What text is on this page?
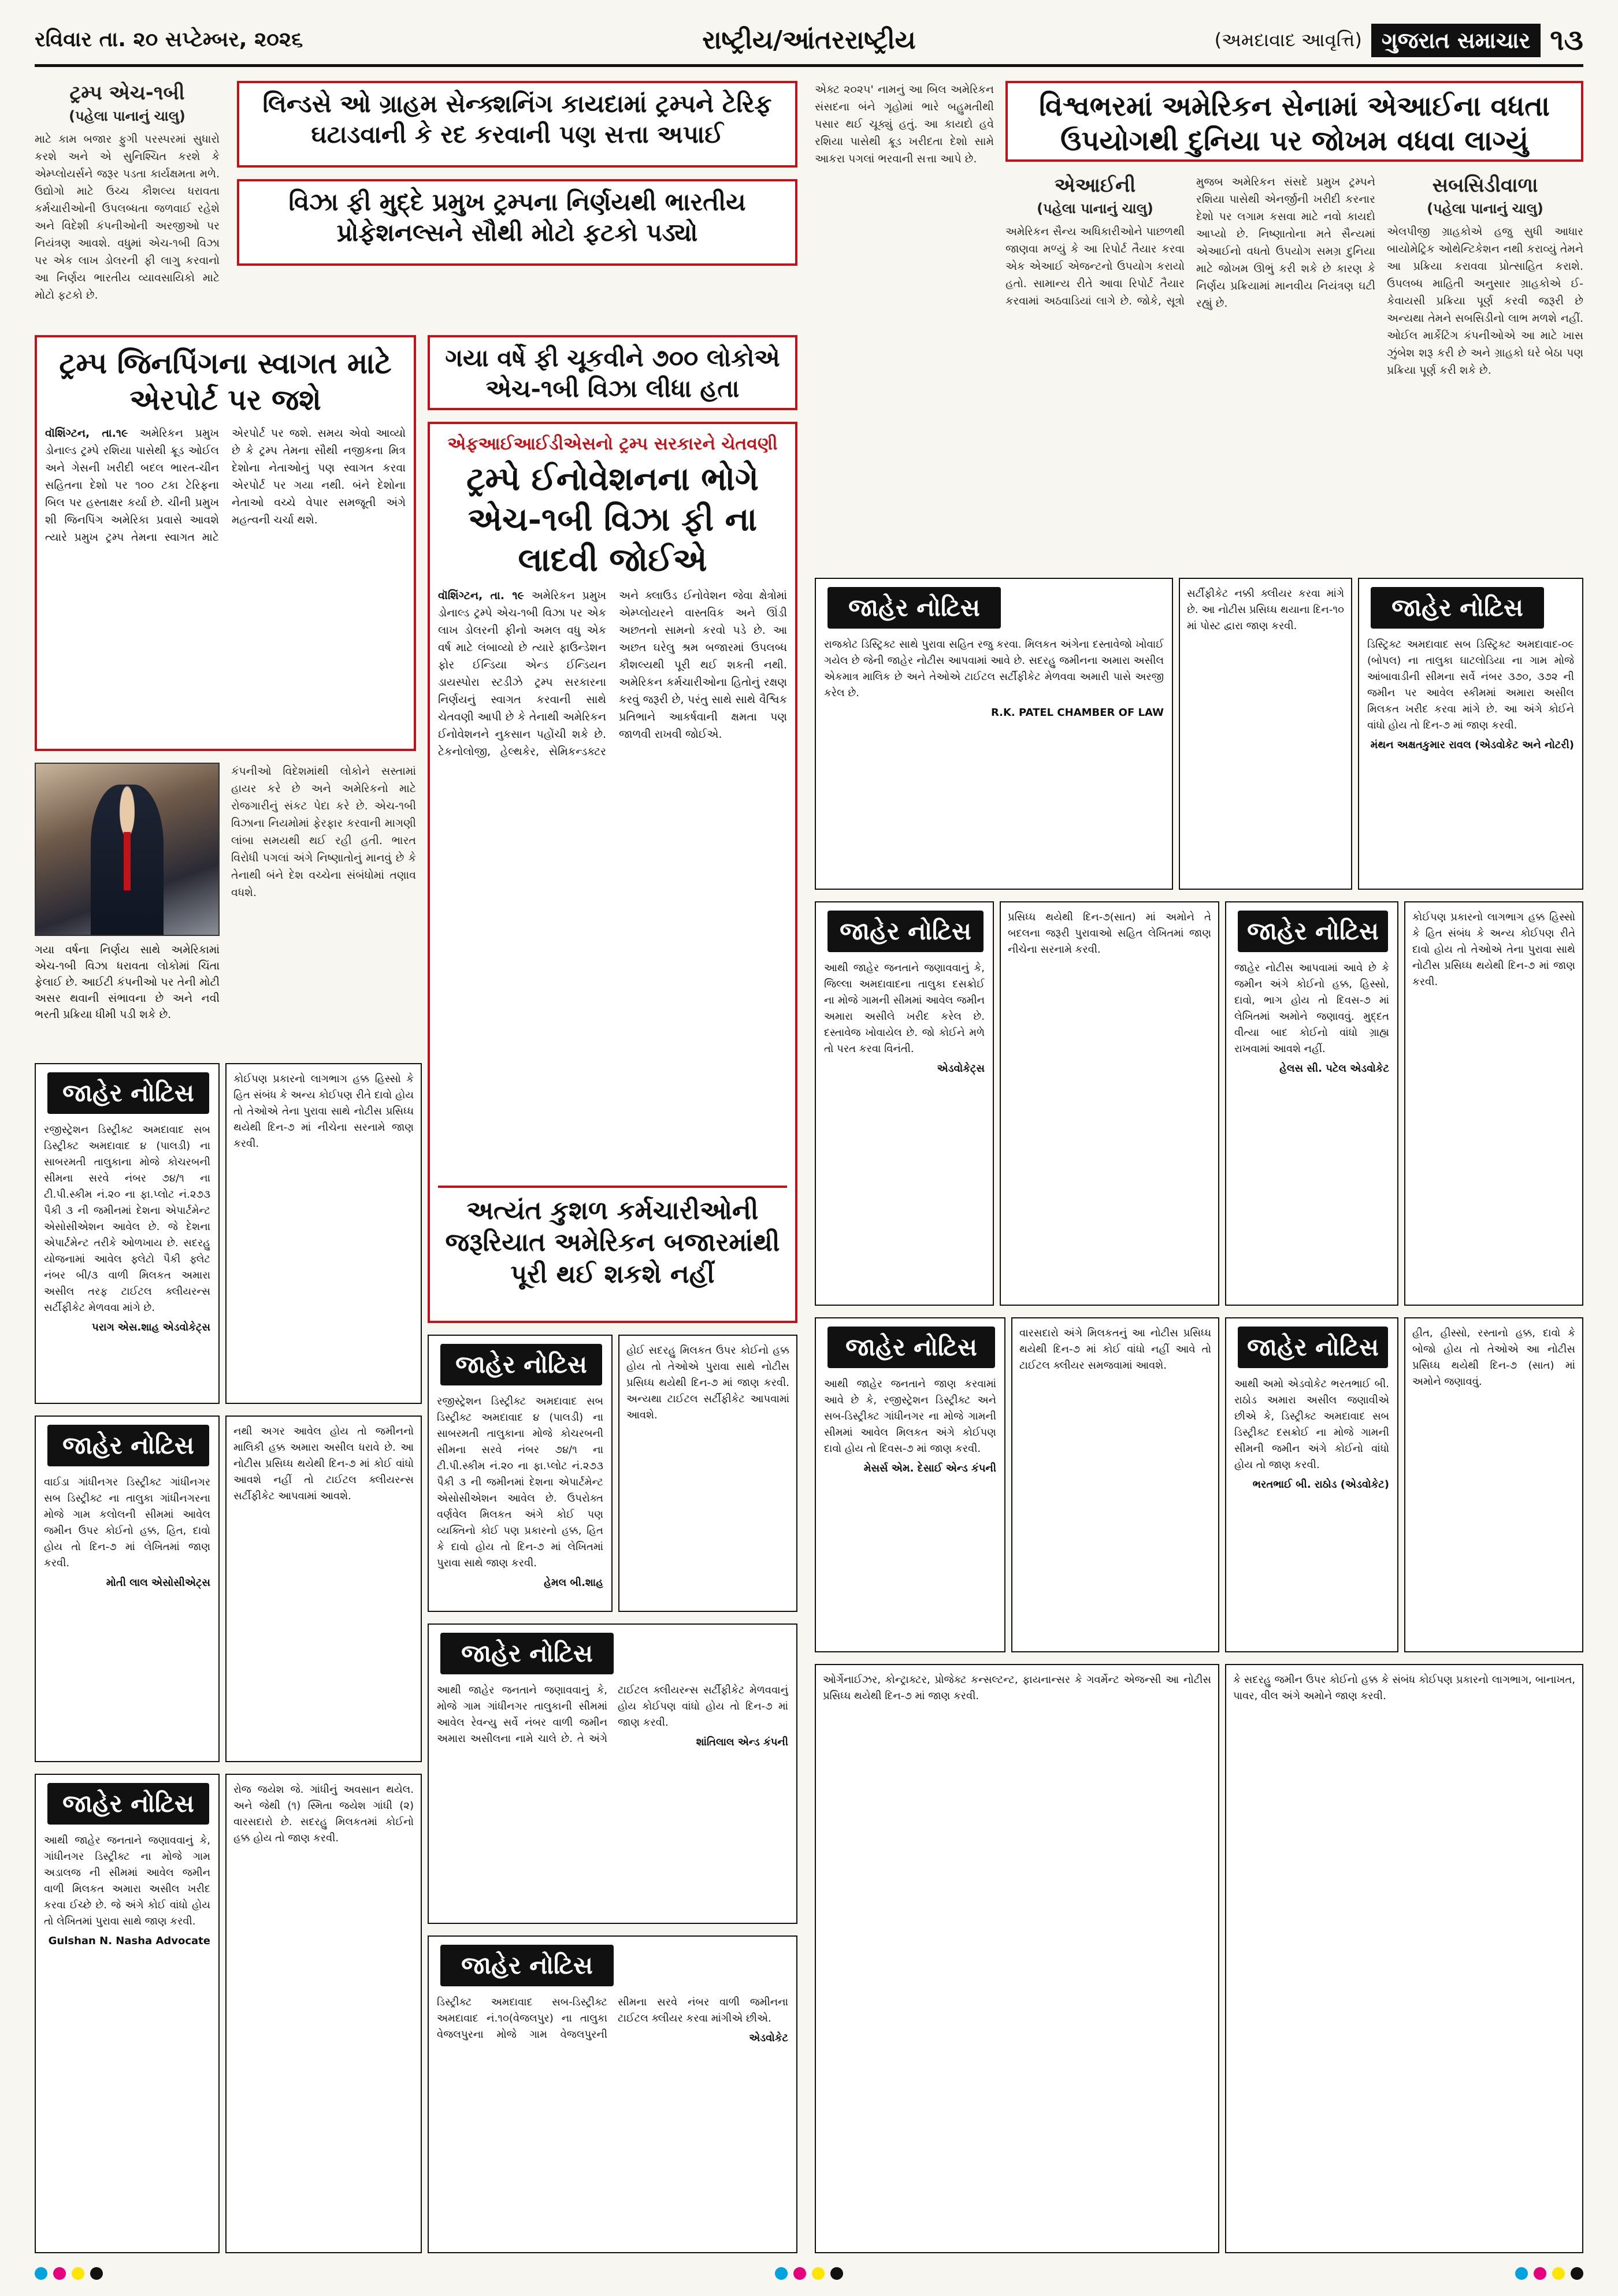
રવિવાર તા. ૨૦ સપ્ટેમ્બર, ૨૦૨૬	રાષ્ટ્રીય/આંતરરાષ્ટ્રીય	(અમદાવાદ આવૃત્તિ) ગુજરાત સમાચાર ૧૩
ટ્રમ્પ એચ-૧બી
(પહેલા પાનાનું ચાલુ)

માટે કામ બજાર ફુગી પરસ્પરમાં સુધારો કરશે અને એ સુનિશ્ચિત કરશે કે એમ્પ્લોયર્સને જરૂર પડતા કાર્યક્ષમતા મળે. ઉદ્યોગો માટે ઉચ્ચ કૌશલ્ય ધરાવતા કર્મચારીઓની ઉપલબ્ધતા જળવાઈ રહેશે અને વિદેશી કંપનીઓની અરજીઓ પર નિયંત્રણ આવશે. વધુમાં એચ-૧બી વિઝા પર એક લાખ ડોલરની ફી લાગુ કરવાનો આ નિર્ણય ભારતીય વ્યાવસાયિકો માટે મોટો ફટકો છે.

લિન્ડસે ઓ ગ્રાહમ સેન્ક્શનિંગ કાયદામાં ટ્રમ્પને ટેરિફ ઘટાડવાની કે રદ કરવાની પણ સત્તા અપાઈ
વિઝા ફી મુદ્દે પ્રમુખ ટ્રમ્પના નિર્ણયથી ભારતીય પ્રોફેશનલ્સને સૌથી મોટો ફટકો પડ્યો
વિશ્વભરમાં અમેરિકન સેનામાં એઆઈના વધતા ઉપયોગથી દુનિયા પર જોખમ વધવા લાગ્યું
ટ્રમ્પ જિનપિંગના સ્વાગત માટે એરપોર્ટ પર જશે
વૉશિંગ્ટન, તા.૧૯ અમેરિકન પ્રમુખ ડોનાલ્ડ ટ્રમ્પે રશિયા પાસેથી ક્રૂડ ઓઈલ અને ગેસની ખરીદી બદલ ભારત-ચીન સહિતના દેશો પર ૧૦૦ ટકા ટેરિફના બિલ પર હસ્તાક્ષર કર્યા છે. ચીની પ્રમુખ શી જિનપિંગ અમેરિકા પ્રવાસે આવશે ત્યારે પ્રમુખ ટ્રમ્પ તેમના સ્વાગત માટે એરપોર્ટ પર જશે. સમય એવો આવ્યો છે કે ટ્રમ્પ તેમના સૌથી નજીકના મિત્ર દેશોના નેતાઓનું પણ સ્વાગત કરવા એરપોર્ટ પર ગયા નથી. બંને દેશોના નેતાઓ વચ્ચે વેપાર સમજૂતી અંગે મહત્વની ચર્ચા થશે.
ગયા વર્ષે ફી ચૂકવીને ૭૦૦ લોકોએ એચ-૧બી વિઝા લીધા હતા
એફઆઈઆઈડીએસનો ટ્રમ્પ સરકારને ચેતવણી
ટ્રમ્પે ઈનોવેશનના ભોગે એચ-૧બી વિઝા ફી ના લાદવી જોઈએ
વૉશિંગ્ટન, તા. ૧૯ અમેરિકન પ્રમુખ ડોનાલ્ડ ટ્રમ્પે એચ-૧બી વિઝા પર એક લાખ ડોલરની ફીનો અમલ વધુ એક વર્ષ માટે લંબાવ્યો છે ત્યારે ફાઉન્ડેશન ફોર ઈન્ડિયા એન્ડ ઈન્ડિયન ડાયસ્પોરા સ્ટડીઝે ટ્રમ્પ સરકારના નિર્ણયનું સ્વાગત કરવાની સાથે ચેતવણી આપી છે કે તેનાથી અમેરિકન ઈનોવેશનને નુકસાન પહોંચી શકે છે. ટેકનોલોજી, હેલ્થકેર, સેમિકન્ડક્ટર અને ક્લાઉડ ઈનોવેશન જેવા ક્ષેત્રોમાં એમ્પ્લોયરને વાસ્તવિક અને ઊંડી અછતનો સામનો કરવો પડે છે. આ અછત ઘરેલુ શ્રમ બજારમાં ઉપલબ્ધ કૌશલ્યથી પૂરી થઈ શકતી નથી. અમેરિકન કર્મચારીઓના હિતોનું રક્ષણ કરવું જરૂરી છે, પરંતુ સાથે સાથે વૈશ્વિક પ્રતિભાને આકર્ષવાની ક્ષમતા પણ જાળવી રાખવી જોઈએ.
અત્યંત કુશળ કર્મચારીઓની જરૂરિયાત અમેરિકન બજારમાંથી પૂરી થઈ શકશે નહીં
ગયા વર્ષના નિર્ણય સાથે અમેરિકામાં એચ-૧બી વિઝા ધરાવતા લોકોમાં ચિંતા ફેલાઈ છે. આઈટી કંપનીઓ પર તેની મોટી અસર થવાની સંભાવના છે અને નવી ભરતી પ્રક્રિયા ધીમી પડી શકે છે.

કંપનીઓ વિદેશમાંથી લોકોને સસ્તામાં હાયર કરે છે અને અમેરિકનો માટે રોજગારીનું સંકટ પેદા કરે છે. એચ-૧બી વિઝાના નિયમોમાં ફેરફાર કરવાની માગણી લાંબા સમયથી થઈ રહી હતી. ભારત વિરોધી પગલાં અંગે નિષ્ણાતોનું માનવું છે કે તેનાથી બંને દેશ વચ્ચેના સંબંધોમાં તણાવ વધશે.

એક્ટ ૨૦૨૫' નામનું આ બિલ અમેરિકન સંસદના બંને ગૃહોમાં ભારે બહુમતીથી પસાર થઈ ચૂક્યું હતું. આ કાયદો હવે રશિયા પાસેથી ક્રૂડ ખરીદતા દેશો સામે આકરા પગલાં ભરવાની સત્તા આપે છે.

એઆઈની
(પહેલા પાનાનું ચાલુ)

અમેરિકન સૈન્ય અધિકારીઓને પાછળથી જાણવા મળ્યું કે આ રિપોર્ટ તૈયાર કરવા એક એઆઈ એજન્ટનો ઉપયોગ કરાયો હતો. સામાન્ય રીતે આવા રિપોર્ટ તૈયાર કરવામાં અઠવાડિયાં લાગે છે. જોકે, સૂત્રો મુજબ અમેરિકન સંસદે પ્રમુખ ટ્રમ્પને રશિયા પાસેથી એનર્જીની ખરીદી કરનાર દેશો પર લગામ કસવા માટે નવો કાયદો આપ્યો છે. નિષ્ણાતોના મતે સૈન્યમાં એઆઈનો વધતો ઉપયોગ સમગ્ર દુનિયા માટે જોખમ ઊભું કરી શકે છે કારણ કે નિર્ણય પ્રક્રિયામાં માનવીય નિયંત્રણ ઘટી રહ્યું છે.

સબસિડીવાળા
(પહેલા પાનાનું ચાલુ)

એલપીજી ગ્રાહકોએ હજુ સુધી આધાર બાયોમેટ્રિક ઓથેન્ટિકેશન નથી કરાવ્યું તેમને આ પ્રક્રિયા કરાવવા પ્રોત્સાહિત કરાશે. ઉપલબ્ધ માહિતી અનુસાર ગ્રાહકોએ ઈ-કેવાયસી પ્રક્રિયા પૂર્ણ કરવી જરૂરી છે અન્યથા તેમને સબસિડીનો લાભ મળશે નહીં. ઓઈલ માર્કેટિંગ કંપનીઓએ આ માટે ખાસ ઝુંબેશ શરૂ કરી છે અને ગ્રાહકો ઘરે બેઠા પણ પ્રક્રિયા પૂર્ણ કરી શકે છે.

જાહેર નોટિસ
રાજકોટ ડિસ્ટ્રિક્ટ સાથે પુરાવા સહિત રજુ કરવા. મિલકત અંગેના દસ્તાવેજો ખોવાઈ ગયેલ છે જેની જાહેર નોટીસ આપવામાં આવે છે. સદરહુ જમીનના અમારા અસીલ એકમાત્ર માલિક છે અને તેઓએ ટાઈટલ સર્ટીફીકેટ મેળવવા અમારી પાસે અરજી કરેલ છે.
R.K. PATEL CHAMBER OF LAW
સર્ટીફીકેટ નક્કી ક્લીયર કરવા માંગે છે. આ નોટીસ પ્રસિધ્ધ થયાના દિન-૧૦ માં પોસ્ટ દ્વારા જાણ કરવી.
જાહેર નોટિસ
ડિસ્ટ્રિક્ટ અમદાવાદ સબ ડિસ્ટ્રિક્ટ અમદાવાદ-૦૯ (બોપલ) ના તાલુકા ઘાટલોડિયા ના ગામ મોજે આંબાવાડીની સીમના સર્વે નંબર ૩૭૦, ૩૭૨ ની જમીન પર આવેલ સ્કીમમાં અમારા અસીલ મિલકત ખરીદ કરવા માંગે છે. આ અંગે કોઈને વાંધો હોય તો દિન-૭ માં જાણ કરવી.
મંથન અક્ષતકુમાર રાવલ (એડવોકેટ અને નોટરી)
જાહેર નોટિસ
રજીસ્ટ્રેશન ડિસ્ટ્રીક્ટ અમદાવાદ સબ ડિસ્ટ્રીક્ટ અમદાવાદ ૪ (પાલડી) ના સાબરમતી તાલુકાના મોજે કોચરબની સીમના સરવે નંબર ૭૪/૧ ના ટી.પી.સ્કીમ નં.૨૦ ના ફા.પ્લોટ નં.૨૭૩ પૈકી ૩ ની જમીનમાં દેશના એપાર્ટમેન્ટ એસોસીએશન આવેલ છે. જે દેશના એપાર્ટમેન્ટ તરીકે ઓળખાય છે. સદરહુ યોજનામાં આવેલ ફ્લેટો પૈકી ફ્લેટ નંબર બી/૩ વાળી મિલકત અમારા અસીલ તરફ ટાઈટલ ક્લીયરન્સ સર્ટીફીકેટ મેળવવા માંગે છે.
પરાગ એસ.શાહ એડવોકેટ્સ
કોઈપણ પ્રકારનો લાગભાગ હક્ક હિસ્સો કે હિત સંબંધ કે અન્ય કોઈપણ રીતે દાવો હોય તો તેઓએ તેના પુરાવા સાથે નોટીસ પ્રસિધ્ધ થયેથી દિન-૭ માં નીચેના સરનામે જાણ કરવી.
જાહેર નોટિસ
રજીસ્ટ્રેશન ડિસ્ટ્રીક્ટ અમદાવાદ સબ ડિસ્ટ્રીક્ટ અમદાવાદ ૪ (પાલડી) ના સાબરમતી તાલુકાના મોજે કોચરબની સીમના સરવે નંબર ૭૪/૧ ના ટી.પી.સ્કીમ નં.૨૦ ના ફા.પ્લોટ નં.૨૭૩ પૈકી ૩ ની જમીનમાં દેશના એપાર્ટમેન્ટ એસોસીએશન આવેલ છે. ઉપરોક્ત વર્ણવેલ મિલકત અંગે કોઈ પણ વ્યક્તિનો કોઈ પણ પ્રકારનો હક્ક, હિત કે દાવો હોય તો દિન-૭ માં લેખિતમાં પુરાવા સાથે જાણ કરવી.
હેમલ બી.શાહ
હોઈ સદરહુ મિલકત ઉપર કોઈનો હક્ક હોય તો તેઓએ પુરાવા સાથે નોટીસ પ્રસિધ્ધ થયેથી દિન-૭ માં જાણ કરવી. અન્યથા ટાઈટલ સર્ટીફીકેટ આપવામાં આવશે.
જાહેર નોટિસ
આથી જાહેર જનતાને જણાવવાનું કે, જિલ્લા અમદાવાદના તાલુકા દસક્રોઈ ના મોજે ગામની સીમમાં આવેલ જમીન અમારા અસીલે ખરીદ કરેલ છે. દસ્તાવેજ ખોવાયેલ છે. જો કોઈને મળે તો પરત કરવા વિનંતી.
એડવોકેટ્સ
પ્રસિધ્ધ થયેથી દિન-૭(સાત) માં અમોને તે બદલના જરૂરી પુરાવાઓ સહિત લેખિતમાં જાણ નીચેના સરનામે કરવી.
જાહેર નોટિસ
જાહેર નોટીસ આપવામાં આવે છે કે જમીન અંગે કોઈનો હક્ક, હિસ્સો, દાવો, ભાગ હોય તો દિવસ-૭ માં લેખિતમાં અમોને જણાવવું. મુદ્દત વીત્યા બાદ કોઈનો વાંધો ગ્રાહ્ય રાખવામાં આવશે નહીં.
હેલસ સી. પટેલ એડવોકેટ
કોઈપણ પ્રકારનો લાગભાગ હક્ક હિસ્સો કે હિત સંબંધ કે અન્ય કોઈપણ રીતે દાવો હોય તો તેઓએ તેના પુરાવા સાથે નોટીસ પ્રસિધ્ધ થયેથી દિન-૭ માં જાણ કરવી.
જાહેર નોટિસ
વાઈડા ગાંધીનગર ડિસ્ટ્રીક્ટ ગાંધીનગર સબ ડિસ્ટ્રીક્ટ ના તાલુકા ગાંધીનગરના મોજે ગામ કલોલની સીમમાં આવેલ જમીન ઉપર કોઈનો હક્ક, હિત, દાવો હોય તો દિન-૭ માં લેખિતમાં જાણ કરવી.
મોતી લાલ એસોસીએટ્સ
નથી અગર આવેલ હોય તો જમીનનો માલિકી હક્ક અમારા અસીલ ધરાવે છે. આ નોટીસ પ્રસિધ્ધ થયેથી દિન-૭ માં કોઈ વાંધો આવશે નહીં તો ટાઈટલ ક્લીયરન્સ સર્ટીફીકેટ આપવામાં આવશે.
જાહેર નોટિસ
આથી જાહેર જનતાને જણાવવાનું કે, મોજે ગામ ગાંધીનગર તાલુકાની સીમમાં આવેલ રેવન્યુ સર્વે નંબર વાળી જમીન અમારા અસીલના નામે ચાલે છે. તે અંગે ટાઈટલ ક્લીયરન્સ સર્ટીફીકેટ મેળવવાનું હોય કોઈપણ વાંધો હોય તો દિન-૭ માં જાણ કરવી.
શાંતિલાલ એન્ડ કંપની
જાહેર નોટિસ
આથી જાહેર જનતાને જાણ કરવામાં આવે છે કે, રજીસ્ટ્રેશન ડિસ્ટ્રીક્ટ અને સબ-ડિસ્ટ્રીક્ટ ગાંધીનગર ના મોજે ગામની સીમમાં આવેલ મિલકત અંગે કોઈપણ દાવો હોય તો દિવસ-૭ માં જાણ કરવી.
મેસર્સ એમ. દેસાઈ એન્ડ કંપની
વારસદારો અંગે મિલકતનું આ નોટીસ પ્રસિધ્ધ થયેથી દિન-૭ માં કોઈ વાંધો નહીં આવે તો ટાઈટલ ક્લીયર સમજવામાં આવશે.
જાહેર નોટિસ
આથી અમો એડવોકેટ ભરતભાઈ બી. રાઠોડ અમારા અસીલ જણાવીએ છીએ કે, ડિસ્ટ્રીક્ટ અમદાવાદ સબ ડિસ્ટ્રીક્ટ દસક્રોઈ ના મોજે ગામની સીમની જમીન અંગે કોઈનો વાંધો હોય તો જાણ કરવી.
ભરતભાઈ બી. રાઠોડ (એડવોકેટ)
હીત, હીસ્સો, રસ્તાનો હક્ક, દાવો કે બોજો હોય તો તેઓએ આ નોટીસ પ્રસિધ્ધ થયેથી દિન-૭ (સાત) માં અમોને જણાવવું.
જાહેર નોટિસ
આથી જાહેર જનતાને જણાવવાનું કે, ગાંધીનગર ડિસ્ટ્રીક્ટ ના મોજે ગામ અડાલજ ની સીમમાં આવેલ જમીન વાળી મિલકત અમારા અસીલ ખરીદ કરવા ઈચ્છે છે. જે અંગે કોઈ વાંધો હોય તો લેખિતમાં પુરાવા સાથે જાણ કરવી.
Gulshan N. Nasha Advocate
રોજ જયેશ જે. ગાંધીનું અવસાન થયેલ. અને જેથી (૧) સ્મિતા જયેશ ગાંધી (૨) વારસદારો છે. સદરહુ મિલકતમાં કોઈનો હક્ક હોય તો જાણ કરવી.
જાહેર નોટિસ
ડિસ્ટ્રીક્ટ અમદાવાદ સબ-ડિસ્ટ્રીક્ટ અમદાવાદ નં.૧૦(વેજલપુર) ના તાલુકા વેજલપુરના મોજે ગામ વેજલપુરની સીમના સરવે નંબર વાળી જમીનના ટાઈટલ ક્લીયર કરવા માંગીએ છીએ.
એડવોકેટ
ઓર્ગેનાઈઝર, કોન્ટ્રાક્ટર, પ્રોજેક્ટ કન્સલ્ટન્ટ, ફાયનાન્સર કે ગવર્મેન્ટ એજન્સી આ નોટીસ પ્રસિધ્ધ થયેથી દિન-૭ માં જાણ કરવી.
કે સદરહુ જમીન ઉપર કોઈનો હક્ક કે સંબંધ કોઈપણ પ્રકારનો લાગભાગ, બાનાખત, પાવર, વીલ અંગે અમોને જાણ કરવી.
